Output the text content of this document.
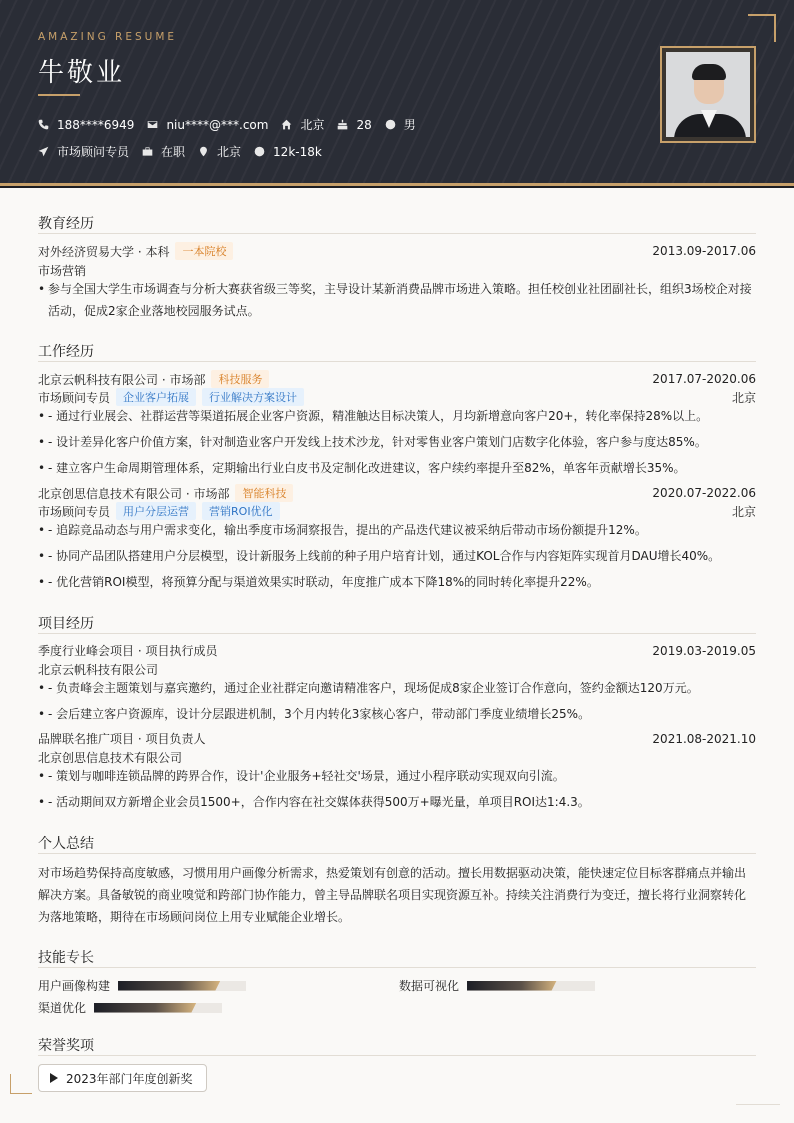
AMAZING RESUME
牛敬业
188****6949	niu****@***.com	北京	28	男
市场顾问专员	在职	北京	12k-18k
教育经历
对外经济贸易大学 · 本科	一本院校	2013.09-2017.06
市场营销
• 参与全国大学生市场调查与分析大赛获省级三等奖，主导设计某新消费品牌市场进入策略。担任校创业社团副社长，组织3场校企对接活动，促成2家企业落地校园服务试点。
工作经历
北京云帆科技有限公司 · 市场部	科技服务	2017.07-2020.06
市场顾问专员	企业客户拓展	行业解决方案设计	北京
• - 通过行业展会、社群运营等渠道拓展企业客户资源，精准触达目标决策人，月均新增意向客户20+，转化率保持28%以上。
• - 设计差异化客户价值方案，针对制造业客户开发线上技术沙龙，针对零售业客户策划门店数字化体验，客户参与度达85%。
• - 建立客户生命周期管理体系，定期输出行业白皮书及定制化改进建议，客户续约率提升至82%，单客年贡献增长35%。
北京创思信息技术有限公司 · 市场部	智能科技	2020.07-2022.06
市场顾问专员	用户分层运营	营销ROI优化	北京
• - 追踪竞品动态与用户需求变化，输出季度市场洞察报告，提出的产品迭代建议被采纳后带动市场份额提升12%。
• - 协同产品团队搭建用户分层模型，设计新服务上线前的种子用户培育计划，通过KOL合作与内容矩阵实现首月DAU增长40%。
• - 优化营销ROI模型，将预算分配与渠道效果实时联动，年度推广成本下降18%的同时转化率提升22%。
项目经历
季度行业峰会项目 · 项目执行成员	2019.03-2019.05
北京云帆科技有限公司
• - 负责峰会主题策划与嘉宾邀约，通过企业社群定向邀请精准客户，现场促成8家企业签订合作意向，签约金额达120万元。
• - 会后建立客户资源库，设计分层跟进机制，3个月内转化3家核心客户，带动部门季度业绩增长25%。
品牌联名推广项目 · 项目负责人	2021.08-2021.10
北京创思信息技术有限公司
• - 策划与咖啡连锁品牌的跨界合作，设计'企业服务+轻社交'场景，通过小程序联动实现双向引流。
• - 活动期间双方新增企业会员1500+，合作内容在社交媒体获得500万+曝光量，单项目ROI达1:4.3。
个人总结
对市场趋势保持高度敏感，习惯用用户画像分析需求，热爱策划有创意的活动。擅长用数据驱动决策，能快速定位目标客群痛点并输出解决方案。具备敏锐的商业嗅觉和跨部门协作能力，曾主导品牌联名项目实现资源互补。持续关注消费行为变迁，擅长将行业洞察转化为落地策略，期待在市场顾问岗位上用专业赋能企业增长。
技能专长
用户画像构建	数据可视化
渠道优化
荣誉奖项
2023年部门年度创新奖
